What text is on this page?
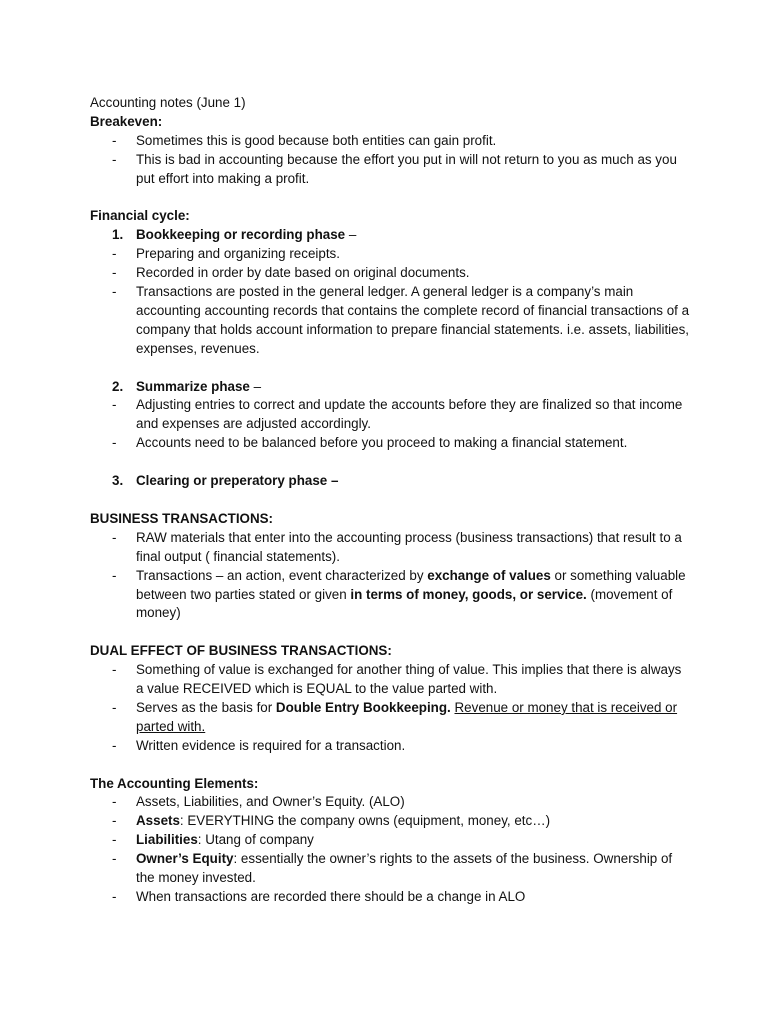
Accounting notes (June 1)
Breakeven:
- Sometimes this is good because both entities can gain profit.
- This is bad in accounting because the effort you put in will not return to you as much as you put effort into making a profit.
Financial cycle:
1. Bookkeeping or recording phase –
- Preparing and organizing receipts.
- Recorded in order by date based on original documents.
- Transactions are posted in the general ledger. A general ledger is a company’s main accounting accounting records that contains the complete record of financial transactions of a company that holds account information to prepare financial statements. i.e. assets, liabilities, expenses, revenues.
2. Summarize phase –
- Adjusting entries to correct and update the accounts before they are finalized so that income and expenses are adjusted accordingly.
- Accounts need to be balanced before you proceed to making a financial statement.
3. Clearing or preperatory phase –
BUSINESS TRANSACTIONS:
- RAW materials that enter into the accounting process (business transactions) that result to a final output ( financial statements).
- Transactions – an action, event characterized by exchange of values or something valuable between two parties stated or given in terms of money, goods, or service. (movement of money)
DUAL EFFECT OF BUSINESS TRANSACTIONS:
- Something of value is exchanged for another thing of value. This implies that there is always a value RECEIVED which is EQUAL to the value parted with.
- Serves as the basis for Double Entry Bookkeeping. Revenue or money that is received or parted with.
- Written evidence is required for a transaction.
The Accounting Elements:
- Assets, Liabilities, and Owner’s Equity. (ALO)
- Assets: EVERYTHING the company owns (equipment, money, etc…)
- Liabilities: Utang of company
- Owner’s Equity: essentially the owner’s rights to the assets of the business. Ownership of the money invested.
- When transactions are recorded there should be a change in ALO
